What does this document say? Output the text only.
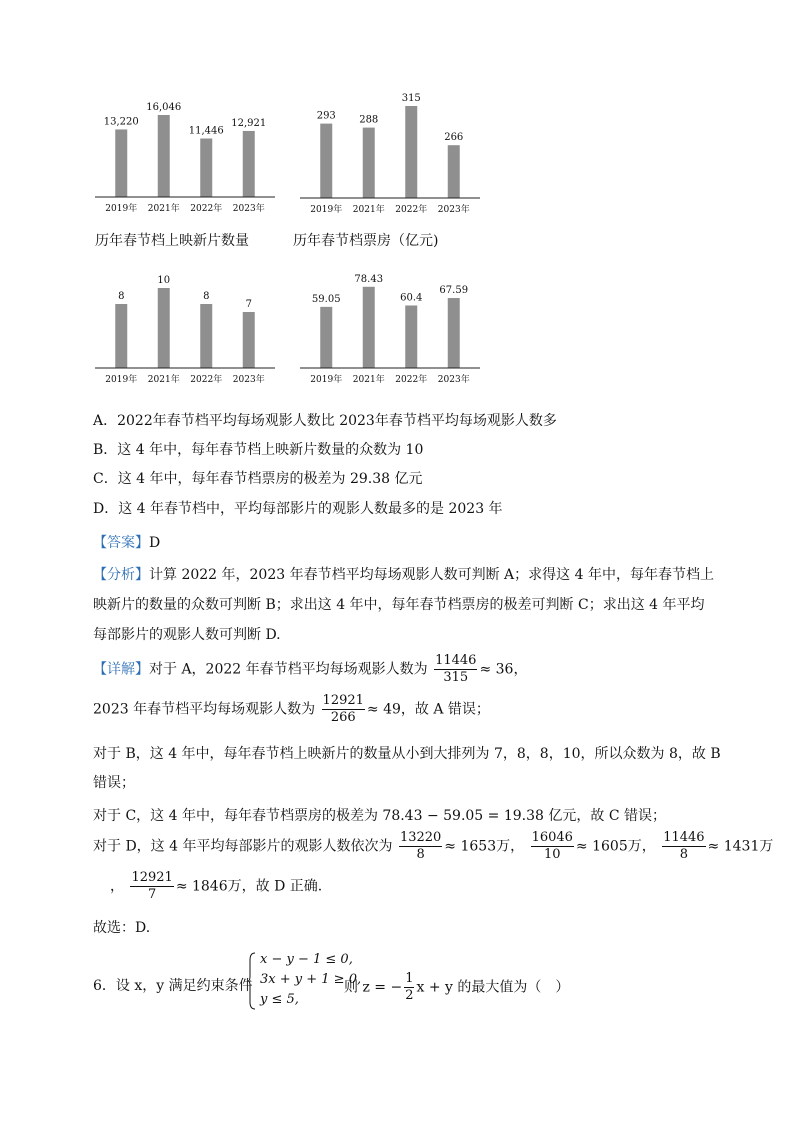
13,220
2019年
16,046
2021年
11,446
2022年
12,921
2023年
历年春节档上映新片数量
293
2019年
288
2021年
315
2022年
266
2023年
历年春节档票房（亿元)
8
2019年
10
2021年
8
2022年
7
2023年
59.05
2019年
78.43
2021年
60.4
2022年
67.59
2023年
A．2022年春节档平均每场观影人数比 2023年春节档平均每场观影人数多
B．这 4 年中，每年春节档上映新片数量的众数为 10
C．这 4 年中，每年春节档票房的极差为 29.38 亿元
D．这 4 年春节档中，平均每部影片的观影人数最多的是 2023 年
【答案】D
【分析】计算 2022 年，2023 年春节档平均每场观影人数可判断 A；求得这 4 年中，每年春节档上
映新片的数量的众数可判断 B；求出这 4 年中，每年春节档票房的极差可判断 C；求出这 4 年平均
每部影片的观影人数可判断 D.
【详解】对于 A，2022 年春节档平均每场观影人数为 $\frac{11446}{315} \approx 36$，
2023 年春节档平均每场观影人数为 $\frac{12921}{266} \approx 49$，故 A 错误；
对于 B，这 4 年中，每年春节档上映新片的数量从小到大排列为 7，8，8，10，所以众数为 8，故 B
错误；
对于 C，这 4 年中，每年春节档票房的极差为 78.43 − 59.05 = 19.38 亿元，故 C 错误；
对于 D，这 4 年平均每部影片的观影人数依次为 $\frac{13220}{8} \approx 1653$万， $\frac{16046}{10} \approx 1605$万， $\frac{11446}{8} \approx 1431$万
， $\frac{12921}{7} \approx 1846$万，故 D 正确.
故选：D.
6．设 x，y 满足约束条件
x − y − 1 ≤ 0,
3x + y + 1 ≥ 0,
y ≤ 5,
则 z = − $\frac{1}{2}$ x + y 的最大值为（　）
